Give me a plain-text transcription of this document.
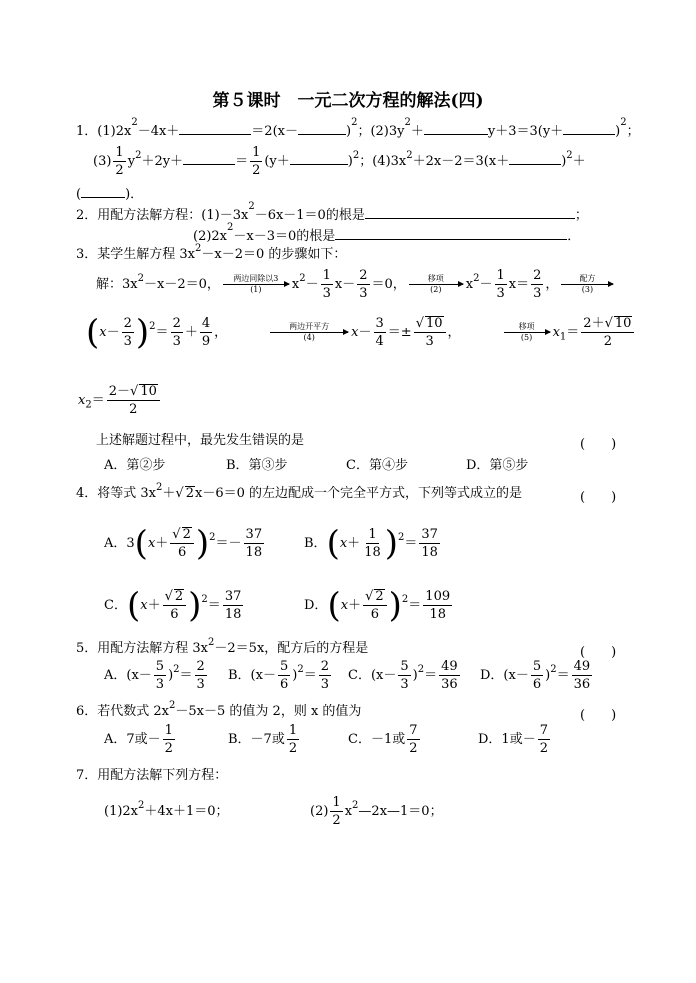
第５课时　一元二次方程的解法(四)
1．$(1)2x^2-4x+$	＝2(x－	)$^2$；$(2)3y^2+$	y＋3＝3(y＋	)$^2$；
$(3) \frac{1}{2} y^2+2y+$	＝ $\frac{1}{2} (y+$	)$^2$；$(4)3x^2+2x-2=3(x+$	)$^2$＋
(	)．
2．用配方法解方程：$(1)-3x^2-6x-1=0$的根是	；
$(2)2x^2-x-3=0$的根是	．
3．某学生解方程 $3x^2-x-2=0$ 的步骤如下：
解：$3x^2-x-2=0$，	两边同除以3
(1)	$x^2- \frac{1}{3} x- \frac{2}{3} =0$，	移项
(2)	$x^2- \frac{1}{3} x= \frac{2}{3}$ ，	配方
(3)
$(x- \frac{2}{3} )^2= \frac{2}{3} + \frac{4}{9}$ ，	两边开平方
(4)	$x- \frac{3}{4} =\pm \frac{√ 10}{3}$ ，	移项
(5)	$x_1= \frac{2+√ 10}{2}$
$x_2= \frac{2-√ 10}{2}$
上述解题过程中，最先发生错误的是	(　　)
A．第②步	B．第③步	C．第④步	D．第⑤步
4．将等式 $3x^2+√$ 2x－6＝0 的左边配成一个完全平方式，下列等式成立的是	(　　)
A．$3(x+ \frac{√ 2}{6} )^2=- \frac{37}{18}$	B．$(x+ \frac{1}{18} )^2= \frac{37}{18}$
C．$(x+ \frac{√ 2}{6} )^2= \frac{37}{18}$	D．$(x+ \frac{√ 2}{6} )^2= \frac{109}{18}$
5．用配方法解方程 $3x^2-2=5x$，配方后的方程是	(　　)
A．$(x- \frac{5}{3} )^2= \frac{2}{3}$ B．$(x- \frac{5}{6} )^2= \frac{2}{3}$ C．$(x- \frac{5}{3} )^2= \frac{49}{36}$ D．$(x- \frac{5}{6} )^2= \frac{49}{36}$
6．若代数式 $2x^2-5x-5$ 的值为 2，则 x 的值为	(　　)
A．7或－ $\frac{1}{2}$	B．－7或 $\frac{1}{2}$	C．－1或 $\frac{7}{2}$	D．1或－ $\frac{7}{2}$
7．用配方法解下列方程：
$(1)2x^2+4x+1=0$；	$(2) \frac{1}{2}$ $x^2—2x—1=0$；
